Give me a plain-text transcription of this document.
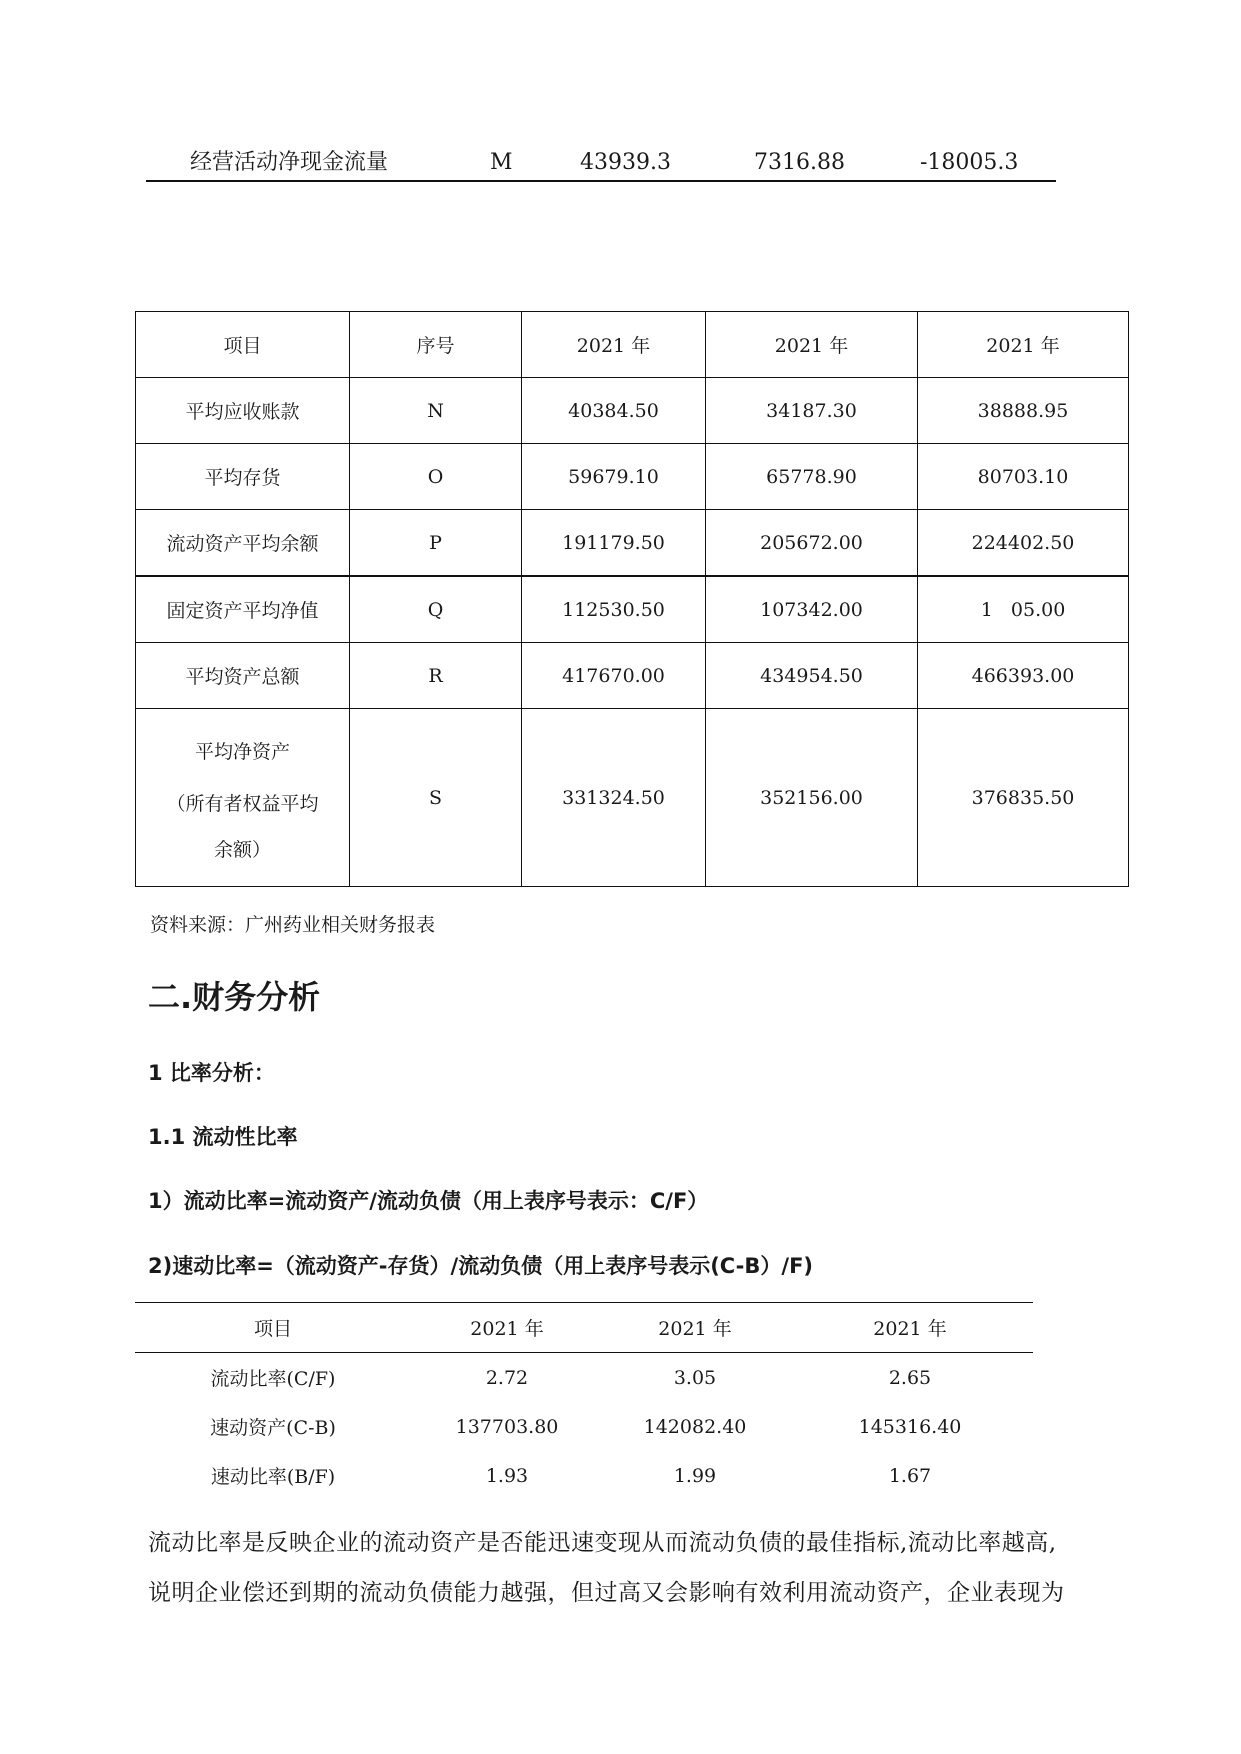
经营活动净现金流量	M	43939.3	7316.88	-18005.3
项目	序号	2021 年	2021 年	2021 年
平均应收账款	N	40384.50	34187.30	38888.95
平均存货	O	59679.10	65778.90	80703.10
流动资产平均余额	P	191179.50	205672.00	224402.50
固定资产平均净值	Q	112530.50	107342.00	1   05.00
平均资产总额	R	417670.00	434954.50	466393.00

平均净资产
（所有者权益平均
余额）	S	331324.50	352156.00	376835.50
资料来源：广州药业相关财务报表
二.财务分析
1 比率分析：
1.1 流动性比率
1）流动比率=流动资产/流动负债（用上表序号表示：C/F）
2)速动比率=（流动资产-存货）/流动负债（用上表序号表示(C-B）/F)
项目	2021 年	2021 年	2021 年
流动比率(C/F)	2.72	3.05	2.65
速动资产(C-B)	137703.80	142082.40	145316.40
速动比率(B/F)	1.93	1.99	1.67
流动比率是反映企业的流动资产是否能迅速变现从而流动负债的最佳指标,流动比率越高,
说明企业偿还到期的流动负债能力越强，但过高又会影响有效利用流动资产，企业表现为
